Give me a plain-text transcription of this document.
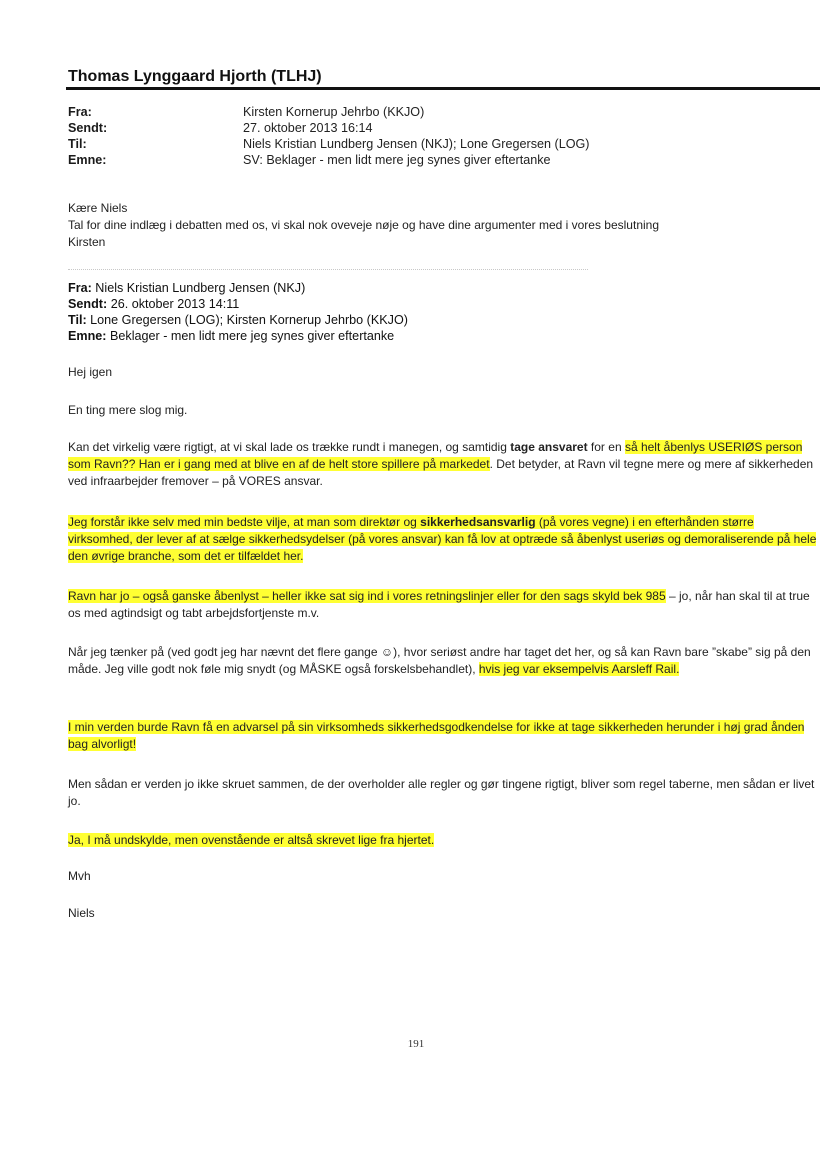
Thomas Lynggaard Hjorth (TLHJ)
Fra:	Kirsten Kornerup Jehrbo (KKJO)
Sendt:	27. oktober 2013 16:14
Til:	Niels Kristian Lundberg Jensen (NKJ); Lone Gregersen (LOG)
Emne:	SV: Beklager - men lidt mere jeg synes giver eftertanke
Kære Niels
Tal for dine indlæg i debatten med os, vi skal nok oveveje nøje og have dine argumenter med i vores beslutning
Kirsten
Fra: Niels Kristian Lundberg Jensen (NKJ)
Sendt: 26. oktober 2013 14:11
Til: Lone Gregersen (LOG); Kirsten Kornerup Jehrbo (KKJO)
Emne: Beklager - men lidt mere jeg synes giver eftertanke
Hej igen
En ting mere slog mig.
Kan det virkelig være rigtigt, at vi skal lade os trække rundt i manegen, og samtidig tage ansvaret for en så helt åbenlys USERIØS person som Ravn?? Han er i gang med at blive en af de helt store spillere på markedet. Det betyder, at Ravn vil tegne mere og mere af sikkerheden ved infraarbejder fremover – på VORES ansvar.
Jeg forstår ikke selv med min bedste vilje, at man som direktør og sikkerhedsansvarlig (på vores vegne) i en efterhånden større virksomhed, der lever af at sælge sikkerhedsydelser (på vores ansvar) kan få lov at optræde så åbenlyst useriøs og demoraliserende på hele den øvrige branche, som det er tilfældet her.
Ravn har jo – også ganske åbenlyst – heller ikke sat sig ind i vores retningslinjer eller for den sags skyld bek 985 – jo, når han skal til at true os med agtindsigt og tabt arbejdsfortjenste m.v.
Når jeg tænker på (ved godt jeg har nævnt det flere gange ☺), hvor seriøst andre har taget det her, og så kan Ravn bare ”skabe” sig på den måde. Jeg ville godt nok føle mig snydt (og MÅSKE også forskelsbehandlet), hvis jeg var eksempelvis Aarsleff Rail.
I min verden burde Ravn få en advarsel på sin virksomheds sikkerhedsgodkendelse for ikke at tage sikkerheden herunder i høj grad ånden bag alvorligt!
Men sådan er verden jo ikke skruet sammen, de der overholder alle regler og gør tingene rigtigt, bliver som regel taberne, men sådan er livet jo.
Ja, I må undskylde, men ovenstående er altså skrevet lige fra hjertet.
Mvh
Niels
191
